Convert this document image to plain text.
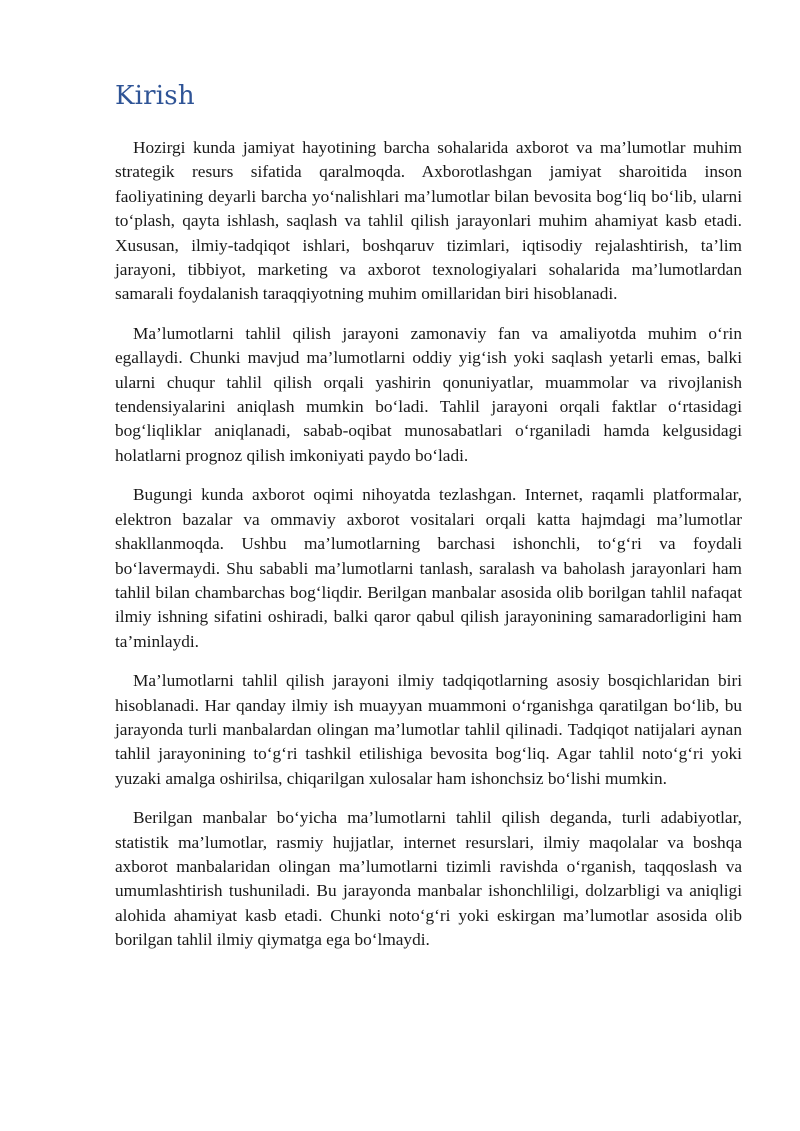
Kirish

Hozirgi kunda jamiyat hayotining barcha sohalarida axborot va ma’lumotlar muhim strategik resurs sifatida qaralmoqda. Axborotlashgan jamiyat sharoitida inson faoliyatining deyarli barcha yo‘nalishlari ma’lumotlar bilan bevosita bog‘liq bo‘lib, ularni to‘plash, qayta ishlash, saqlash va tahlil qilish jarayonlari muhim ahamiyat kasb etadi. Xususan, ilmiy-tadqiqot ishlari, boshqaruv tizimlari, iqtisodiy rejalashtirish, ta’lim jarayoni, tibbiyot, marketing va axborot texnologiyalari sohalarida ma’lumotlardan samarali foydalanish taraqqiyotning muhim omillaridan biri hisoblanadi.

Ma’lumotlarni tahlil qilish jarayoni zamonaviy fan va amaliyotda muhim o‘rin egallaydi. Chunki mavjud ma’lumotlarni oddiy yig‘ish yoki saqlash yetarli emas, balki ularni chuqur tahlil qilish orqali yashirin qonuniyatlar, muammolar va rivojlanish tendensiyalarini aniqlash mumkin bo‘ladi. Tahlil jarayoni orqali faktlar o‘rtasidagi bog‘liqliklar aniqlanadi, sabab-oqibat munosabatlari o‘rganiladi hamda kelgusidagi holatlarni prognoz qilish imkoniyati paydo bo‘ladi.

Bugungi kunda axborot oqimi nihoyatda tezlashgan. Internet, raqamli platformalar, elektron bazalar va ommaviy axborot vositalari orqali katta hajmdagi ma’lumotlar shakllanmoqda. Ushbu ma’lumotlarning barchasi ishonchli, to‘g‘ri va foydali bo‘lavermaydi. Shu sababli ma’lumotlarni tanlash, saralash va baholash jarayonlari ham tahlil bilan chambarchas bog‘liqdir. Berilgan manbalar asosida olib borilgan tahlil nafaqat ilmiy ishning sifatini oshiradi, balki qaror qabul qilish jarayonining samaradorligini ham ta’minlaydi.

Ma’lumotlarni tahlil qilish jarayoni ilmiy tadqiqotlarning asosiy bosqichlaridan biri hisoblanadi. Har qanday ilmiy ish muayyan muammoni o‘rganishga qaratilgan bo‘lib, bu jarayonda turli manbalardan olingan ma’lumotlar tahlil qilinadi. Tadqiqot natijalari aynan tahlil jarayonining to‘g‘ri tashkil etilishiga bevosita bog‘liq. Agar tahlil noto‘g‘ri yoki yuzaki amalga oshirilsa, chiqarilgan xulosalar ham ishonchsiz bo‘lishi mumkin.

Berilgan manbalar bo‘yicha ma’lumotlarni tahlil qilish deganda, turli adabiyotlar, statistik ma’lumotlar, rasmiy hujjatlar, internet resurslari, ilmiy maqolalar va boshqa axborot manbalaridan olingan ma’lumotlarni tizimli ravishda o‘rganish, taqqoslash va umumlashtirish tushuniladi. Bu jarayonda manbalar ishonchliligi, dolzarbligi va aniqligi alohida ahamiyat kasb etadi. Chunki noto‘g‘ri yoki eskirgan ma’lumotlar asosida olib borilgan tahlil ilmiy qiymatga ega bo‘lmaydi.
